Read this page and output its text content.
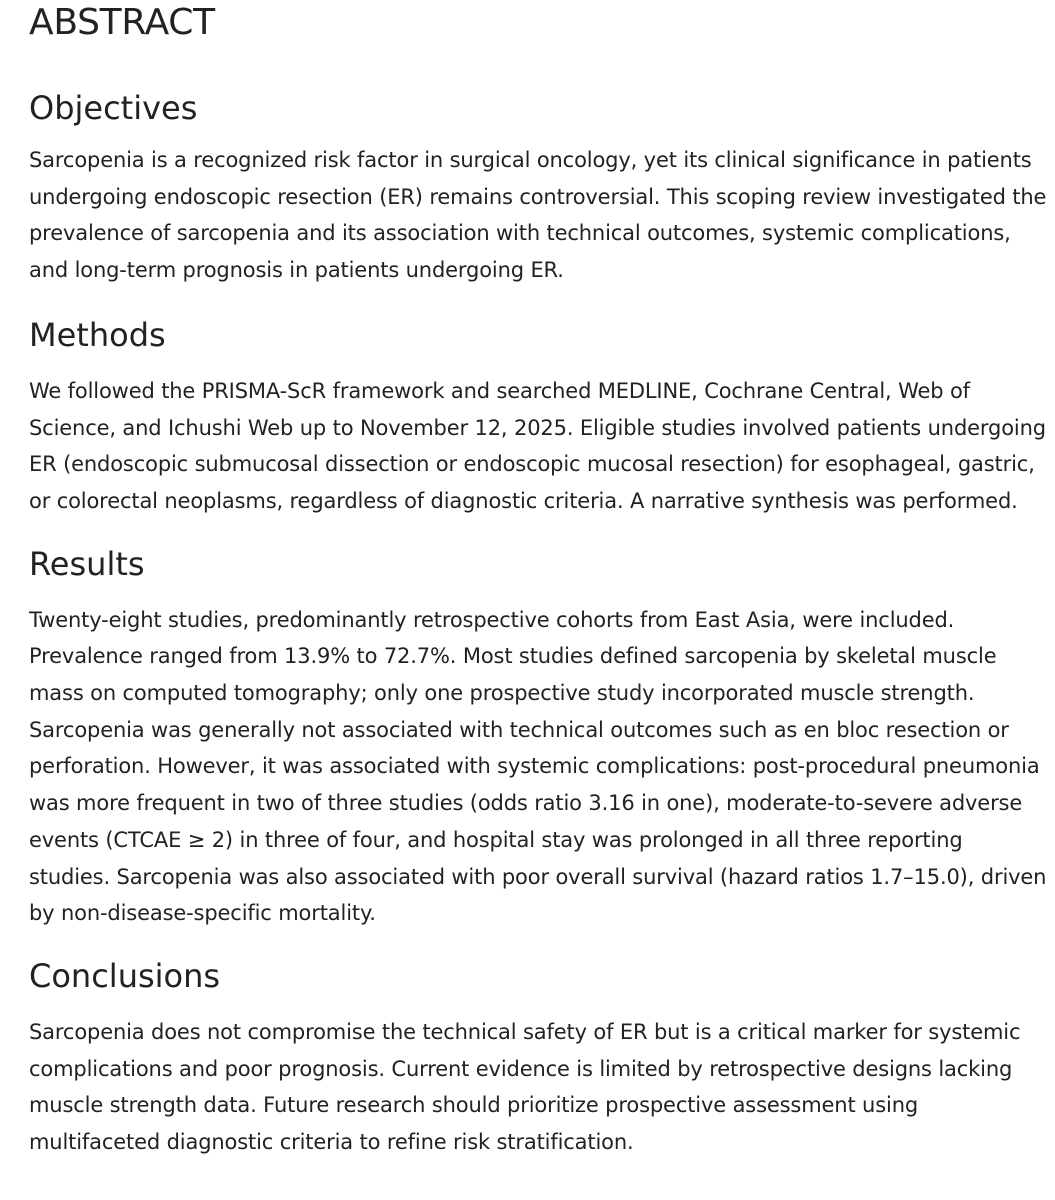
ABSTRACT
Objectives

Sarcopenia is a recognized risk factor in surgical oncology, yet its clinical significance in patients undergoing endoscopic resection (ER) remains controversial. This scoping review investigated the prevalence of sarcopenia and its association with technical outcomes, systemic complications, and long-term prognosis in patients undergoing ER.

Methods

We followed the PRISMA-ScR framework and searched MEDLINE, Cochrane Central, Web of Science, and Ichushi Web up to November 12, 2025. Eligible studies involved patients undergoing ER (endoscopic submucosal dissection or endoscopic mucosal resection) for esophageal, gastric, or colorectal neoplasms, regardless of diagnostic criteria. A narrative synthesis was performed.

Results

Twenty-eight studies, predominantly retrospective cohorts from East Asia, were included. Prevalence ranged from 13.9% to 72.7%. Most studies defined sarcopenia by skeletal muscle mass on computed tomography; only one prospective study incorporated muscle strength. Sarcopenia was generally not associated with technical outcomes such as en bloc resection or perforation. However, it was associated with systemic complications: post-procedural pneumonia was more frequent in two of three studies (odds ratio 3.16 in one), moderate-to-severe adverse events (CTCAE ≥ 2) in three of four, and hospital stay was prolonged in all three reporting studies. Sarcopenia was also associated with poor overall survival (hazard ratios 1.7–15.0), driven by non-disease-specific mortality.

Conclusions

Sarcopenia does not compromise the technical safety of ER but is a critical marker for systemic complications and poor prognosis. Current evidence is limited by retrospective designs lacking muscle strength data. Future research should prioritize prospective assessment using multifaceted diagnostic criteria to refine risk stratification.
